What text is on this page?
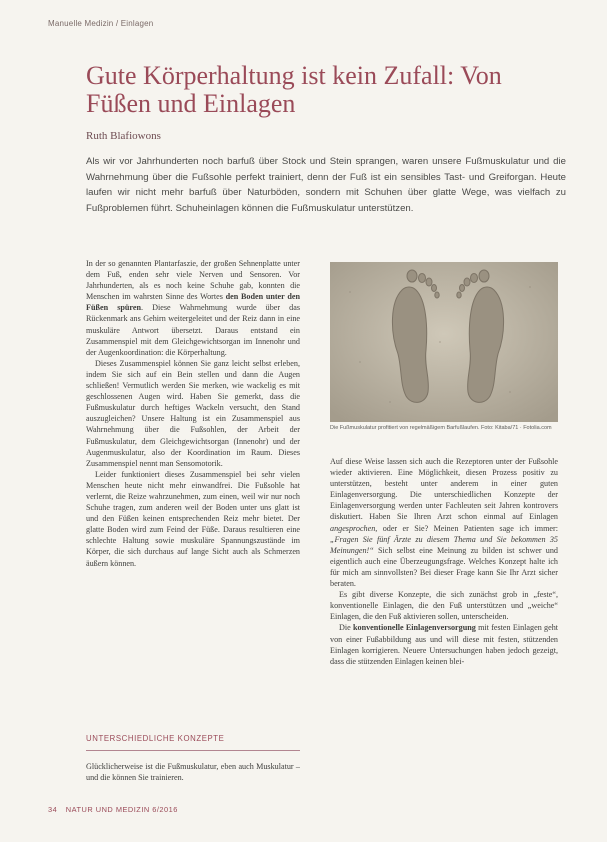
Manuelle Medizin / Einlagen
Gute Körperhaltung ist kein Zufall: Von Füßen und Einlagen
Ruth Blafiowons

Als wir vor Jahrhunderten noch barfuß über Stock und Stein sprangen, waren unsere Fußmuskulatur und die Wahrnehmung über die Fußsohle perfekt trainiert, denn der Fuß ist ein sensibles Tast- und Greiforgan. Heute laufen wir nicht mehr barfuß über Naturböden, sondern mit Schuhen über glatte Wege, was vielfach zu Fußproblemen führt. Schuheinlagen können die Fußmuskulatur unterstützen.

In der so genannten Plantarfaszie, der großen Sehnenplatte unter dem Fuß, enden sehr viele Nerven und Sensoren. Vor Jahrhunderten, als es noch keine Schuhe gab, konnten die Menschen im wahrsten Sinne des Wortes den Boden unter den Füßen spüren. Diese Wahrnehmung wurde über das Rückenmark ans Gehirn weitergeleitet und der Reiz dann in eine muskuläre Antwort übersetzt. Daraus entstand ein Zusammenspiel mit dem Gleichgewichtsorgan im Innenohr und der Augenkoordination: die Körperhaltung.

Dieses Zusammenspiel können Sie ganz leicht selbst erleben, indem Sie sich auf ein Bein stellen und dann die Augen schließen! Vermutlich werden Sie merken, wie wackelig es mit geschlossenen Augen wird. Haben Sie gemerkt, dass die Fußmuskulatur durch heftiges Wackeln versucht, den Stand auszugleichen? Unsere Haltung ist ein Zusammenspiel aus Wahrnehmung über die Fußsohlen, der Arbeit der Fußmuskulatur, dem Gleichgewichtsorgan (Innenohr) und der Augenmuskulatur, also der Koordination im Raum. Dieses Zusammenspiel nennt man Sensomotorik.

Leider funktioniert dieses Zusammenspiel bei sehr vielen Menschen heute nicht mehr einwandfrei. Die Fußsohle hat verlernt, die Reize wahrzunehmen, zum einen, weil wir nur noch Schuhe tragen, zum anderen weil der Boden unter uns glatt ist und den Füßen keinen entsprechenden Reiz mehr bietet. Der glatte Boden wird zum Feind der Füße. Daraus resultieren eine schlechte Haltung sowie muskuläre Spannungszustände im Körper, die sich durchaus auf lange Sicht auch als Schmerzen äußern können.

UNTERSCHIEDLICHE KONZEPTE

Glücklicherweise ist die Fußmuskulatur, eben auch Muskulatur – und die können Sie trainieren.

Die Fußmuskulatur profitiert von regelmäßigem Barfußlaufen. Foto: Kitaba/71 · Fotolia.com

Auf diese Weise lassen sich auch die Rezeptoren unter der Fußsohle wieder aktivieren. Eine Möglichkeit, diesen Prozess positiv zu unterstützen, besteht unter anderem in einer guten Einlagenversorgung. Die unterschiedlichen Konzepte der Einlagenversorgung werden unter Fachleuten seit Jahren kontrovers diskutiert. Haben Sie Ihren Arzt schon einmal auf Einlagen angesprochen, oder er Sie? Meinen Patienten sage ich immer: „Fragen Sie fünf Ärzte zu diesem Thema und Sie bekommen 35 Meinungen!“ Sich selbst eine Meinung zu bilden ist schwer und eigentlich auch eine Überzeugungsfrage. Welches Konzept halte ich für mich am sinnvollsten? Bei dieser Frage kann Sie Ihr Arzt sicher beraten.

Es gibt diverse Konzepte, die sich zunächst grob in „feste“, konventionelle Einlagen, die den Fuß unterstützen und „weiche“ Einlagen, die den Fuß aktivieren sollen, unterscheiden.

Die konventionelle Einlagenversorgung mit festen Einlagen geht von einer Fußabbildung aus und will diese mit festen, stützenden Einlagen korrigieren. Neuere Untersuchungen haben jedoch gezeigt, dass die stützenden Einlagen keinen blei-

34 NATUR UND MEDIZIN 6/2016
